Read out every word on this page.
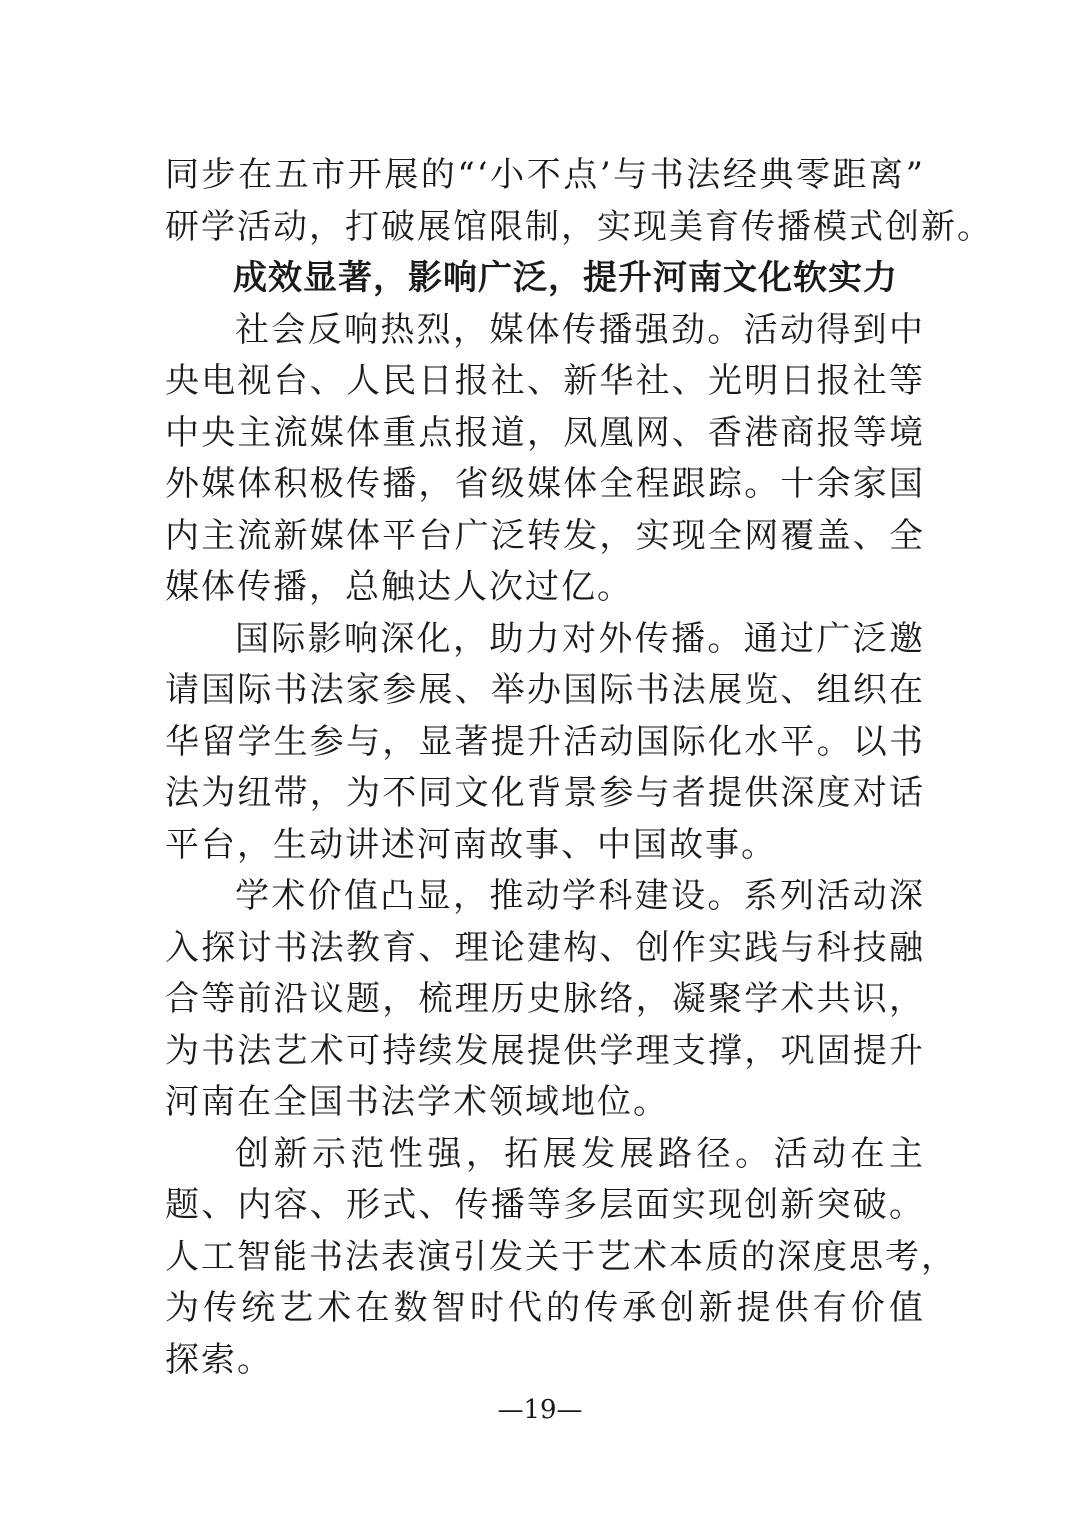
同步在五市开展的“‘小不点’与书法经典零距离”
研学活动，打破展馆限制，实现美育传播模式创新。
成效显著，影响广泛，提升河南文化软实力
社会反响热烈，媒体传播强劲。活动得到中
央电视台、人民日报社、新华社、光明日报社等
中央主流媒体重点报道，凤凰网、香港商报等境
外媒体积极传播，省级媒体全程跟踪。十余家国
内主流新媒体平台广泛转发，实现全网覆盖、全
媒体传播，总触达人次过亿。
国际影响深化，助力对外传播。通过广泛邀
请国际书法家参展、举办国际书法展览、组织在
华留学生参与，显著提升活动国际化水平。以书
法为纽带，为不同文化背景参与者提供深度对话
平台，生动讲述河南故事、中国故事。
学术价值凸显，推动学科建设。系列活动深
入探讨书法教育、理论建构、创作实践与科技融
合等前沿议题，梳理历史脉络，凝聚学术共识，
为书法艺术可持续发展提供学理支撑，巩固提升
河南在全国书法学术领域地位。
创新示范性强，拓展发展路径。活动在主
题、内容、形式、传播等多层面实现创新突破。
人工智能书法表演引发关于艺术本质的深度思考，
为传统艺术在数智时代的传承创新提供有价值
探索。
—19—
